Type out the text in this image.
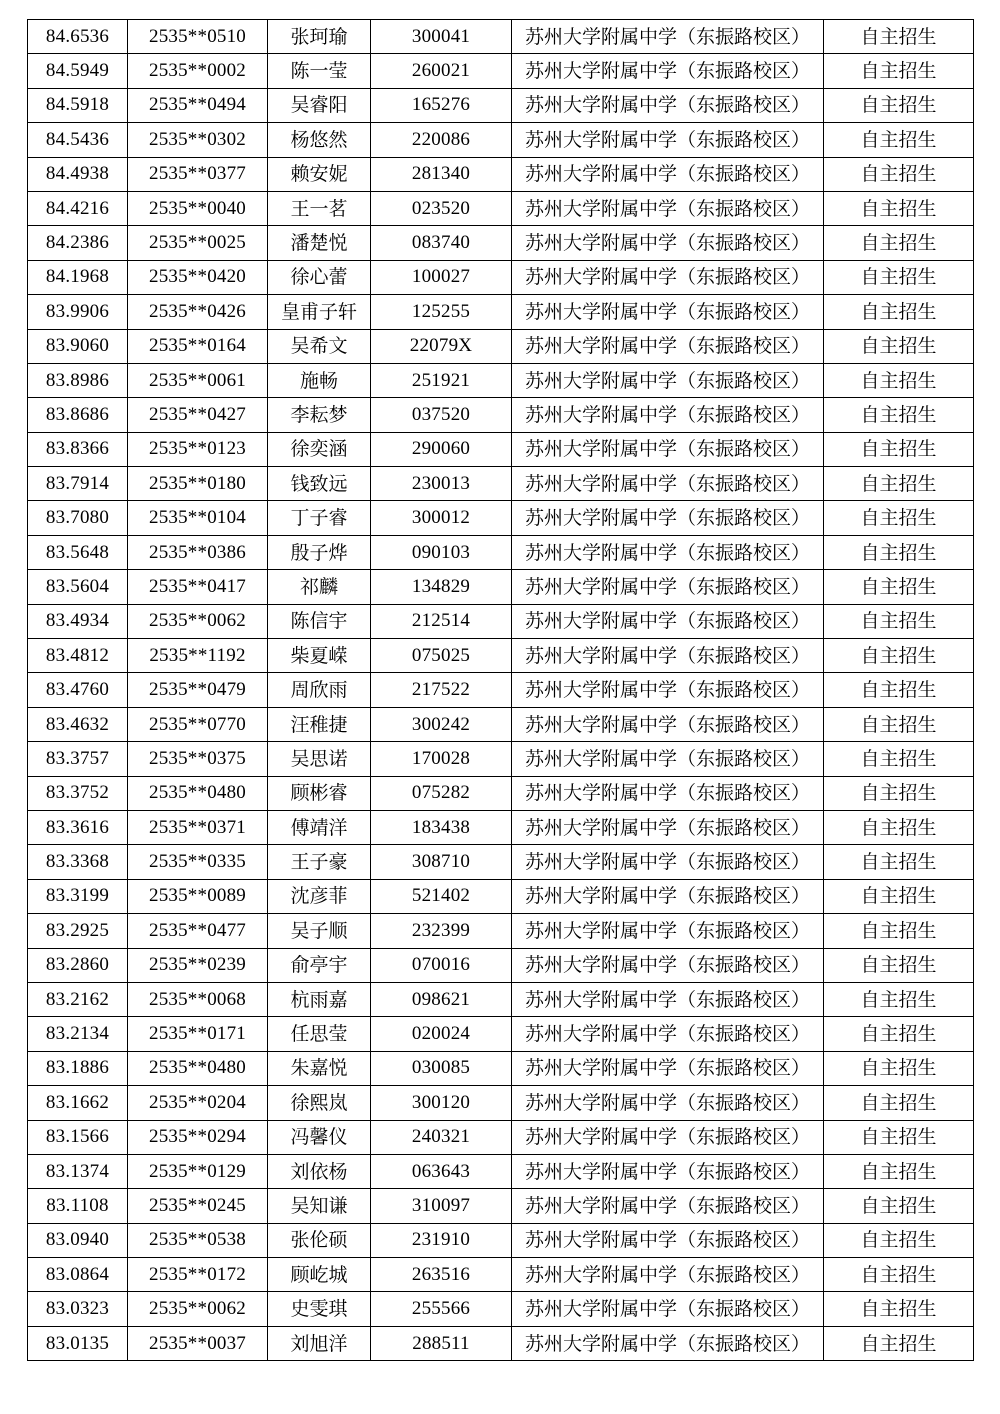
84.6536	2535**0510	张珂瑜	300041	苏州大学附属中学（东振路校区）	自主招生
84.5949	2535**0002	陈一莹	260021	苏州大学附属中学（东振路校区）	自主招生
84.5918	2535**0494	吴睿阳	165276	苏州大学附属中学（东振路校区）	自主招生
84.5436	2535**0302	杨悠然	220086	苏州大学附属中学（东振路校区）	自主招生
84.4938	2535**0377	赖安妮	281340	苏州大学附属中学（东振路校区）	自主招生
84.4216	2535**0040	王一茗	023520	苏州大学附属中学（东振路校区）	自主招生
84.2386	2535**0025	潘楚悦	083740	苏州大学附属中学（东振路校区）	自主招生
84.1968	2535**0420	徐心蕾	100027	苏州大学附属中学（东振路校区）	自主招生
83.9906	2535**0426	皇甫子轩	125255	苏州大学附属中学（东振路校区）	自主招生
83.9060	2535**0164	吴希文	22079X	苏州大学附属中学（东振路校区）	自主招生
83.8986	2535**0061	施畅	251921	苏州大学附属中学（东振路校区）	自主招生
83.8686	2535**0427	李耘梦	037520	苏州大学附属中学（东振路校区）	自主招生
83.8366	2535**0123	徐奕涵	290060	苏州大学附属中学（东振路校区）	自主招生
83.7914	2535**0180	钱致远	230013	苏州大学附属中学（东振路校区）	自主招生
83.7080	2535**0104	丁子睿	300012	苏州大学附属中学（东振路校区）	自主招生
83.5648	2535**0386	殷子烨	090103	苏州大学附属中学（东振路校区）	自主招生
83.5604	2535**0417	祁麟	134829	苏州大学附属中学（东振路校区）	自主招生
83.4934	2535**0062	陈信宇	212514	苏州大学附属中学（东振路校区）	自主招生
83.4812	2535**1192	柴夏嵘	075025	苏州大学附属中学（东振路校区）	自主招生
83.4760	2535**0479	周欣雨	217522	苏州大学附属中学（东振路校区）	自主招生
83.4632	2535**0770	汪稚捷	300242	苏州大学附属中学（东振路校区）	自主招生
83.3757	2535**0375	吴思诺	170028	苏州大学附属中学（东振路校区）	自主招生
83.3752	2535**0480	顾彬睿	075282	苏州大学附属中学（东振路校区）	自主招生
83.3616	2535**0371	傅靖洋	183438	苏州大学附属中学（东振路校区）	自主招生
83.3368	2535**0335	王子豪	308710	苏州大学附属中学（东振路校区）	自主招生
83.3199	2535**0089	沈彦菲	521402	苏州大学附属中学（东振路校区）	自主招生
83.2925	2535**0477	吴子顺	232399	苏州大学附属中学（东振路校区）	自主招生
83.2860	2535**0239	俞亭宇	070016	苏州大学附属中学（东振路校区）	自主招生
83.2162	2535**0068	杭雨嘉	098621	苏州大学附属中学（东振路校区）	自主招生
83.2134	2535**0171	任思莹	020024	苏州大学附属中学（东振路校区）	自主招生
83.1886	2535**0480	朱嘉悦	030085	苏州大学附属中学（东振路校区）	自主招生
83.1662	2535**0204	徐熙岚	300120	苏州大学附属中学（东振路校区）	自主招生
83.1566	2535**0294	冯馨仪	240321	苏州大学附属中学（东振路校区）	自主招生
83.1374	2535**0129	刘依杨	063643	苏州大学附属中学（东振路校区）	自主招生
83.1108	2535**0245	吴知谦	310097	苏州大学附属中学（东振路校区）	自主招生
83.0940	2535**0538	张伦硕	231910	苏州大学附属中学（东振路校区）	自主招生
83.0864	2535**0172	顾屹城	263516	苏州大学附属中学（东振路校区）	自主招生
83.0323	2535**0062	史雯琪	255566	苏州大学附属中学（东振路校区）	自主招生
83.0135	2535**0037	刘旭洋	288511	苏州大学附属中学（东振路校区）	自主招生
